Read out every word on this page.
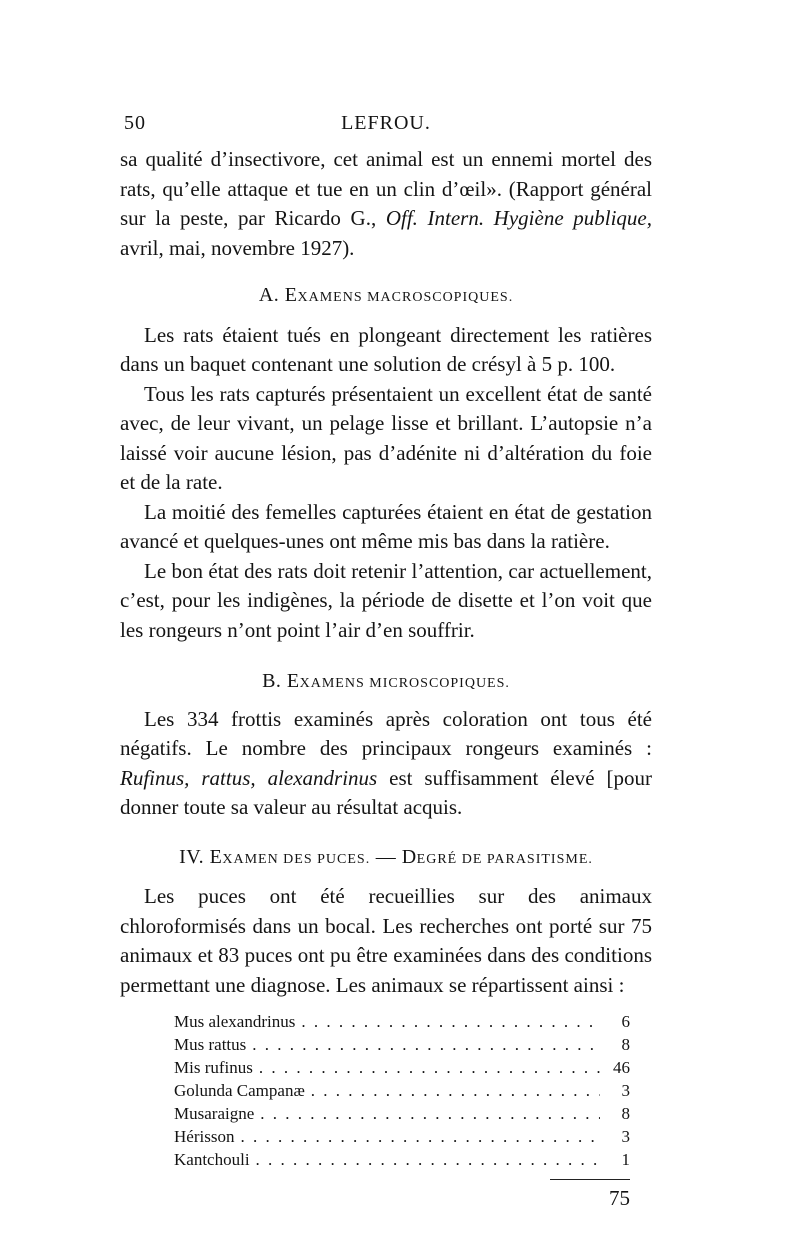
50	LEFROU.

sa qualité d’insectivore, cet animal est un ennemi mortel des rats, qu’elle attaque et tue en un clin d’œil». (Rapport général sur la peste, par Ricardo G., Off. Intern. Hygiène publique, avril, mai, novembre 1927).

A. EXAMENS MACROSCOPIQUES.

Les rats étaient tués en plongeant directement les ratières dans un baquet contenant une solution de crésyl à 5 p. 100.

Tous les rats capturés présentaient un excellent état de santé avec, de leur vivant, un pelage lisse et brillant. L’autopsie n’a laissé voir aucune lésion, pas d’adénite ni d’altération du foie et de la rate.

La moitié des femelles capturées étaient en état de gestation avancé et quelques-unes ont même mis bas dans la ratière.

Le bon état des rats doit retenir l’attention, car actuellement, c’est, pour les indigènes, la période de disette et l’on voit que les rongeurs n’ont point l’air d’en souffrir.

B. EXAMENS MICROSCOPIQUES.

Les 334 frottis examinés après coloration ont tous été négatifs. Le nombre des principaux rongeurs examinés : Rufinus, rattus, alexandrinus est suffisamment élevé [pour donner toute sa valeur au résultat acquis.

IV. EXAMEN DES PUCES. — DEGRÉ DE PARASITISME.

Les puces ont été recueillies sur des animaux chloroformisés dans un bocal. Les recherches ont porté sur 75 animaux et 83 puces ont pu être examinées dans des conditions permettant une diagnose. Les animaux se répartissent ainsi :

Mus alexandrinus . . .	6
Mus rattus . . .	8
Mis rufinus . . .	46
Golunda Campanæ . . .	3
Musaraigne . . .	8
Hérisson . . .	3
Kantchouli . . .	1
75
